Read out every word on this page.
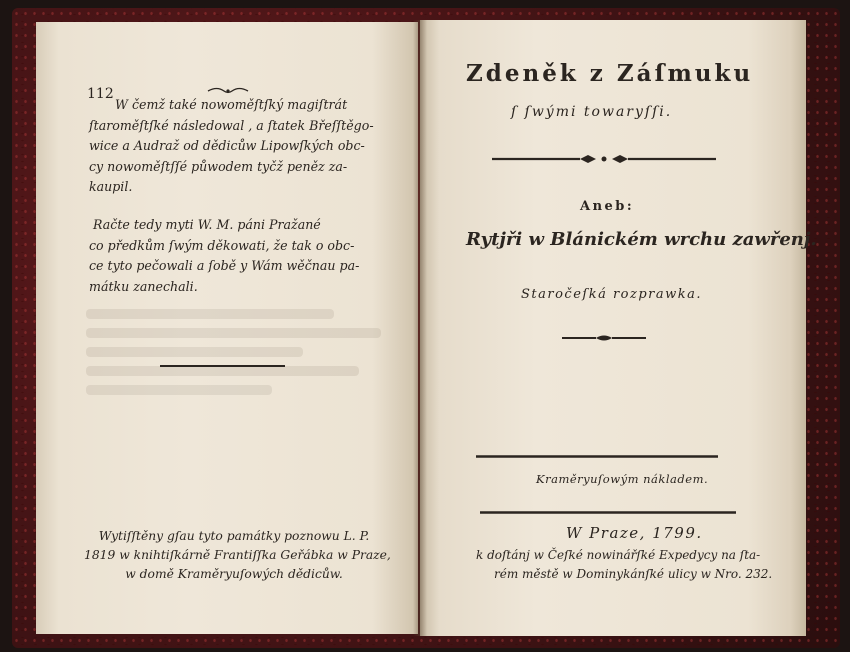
112
W čemž také nowoměſtſký magiſtrát
ſtaroměſtſké následowal , a ſtatek Břeſſtěgo-
wice a Audraž od dědicůw Lipowſkých obc-
cy nowoměſtſſé půwodem tyčž peněz za-
kaupil.
Račte tedy myti W. M. páni Pražané
co předkům ſwým děkowati, že tak o obc-
ce tyto pečowali a ſobě y Wám wěčnau pa-
mátku zanechali.
Wytiſſtěny gſau tyto památky poznowu L. P.
1819 w knihtiſkárně Frantiſſka Geřábka w Praze,
w domě Kraměryuſowých dědicůw.
Zdeněk z Záſmuku
ſ ſwými towaryſſi.
Aneb:
Rytjři w Blánickém wrchu zawřenj.
Staročeſká rozprawka.
Kraměryuſowým nákladem.
W Praze, 1799.
k doſtánj w Čeſké nowinářſké Expedycy na ſta-
rém městě w Dominykánſké ulicy w Nro. 232.
